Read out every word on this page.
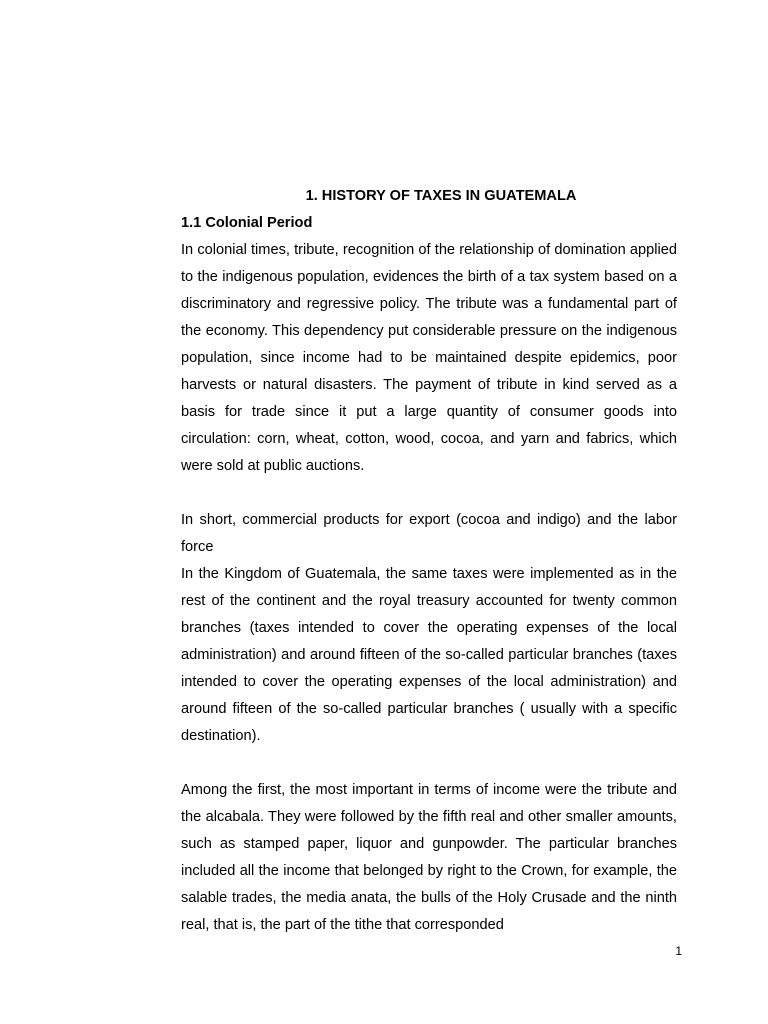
1. HISTORY OF TAXES IN GUATEMALA

1.1 Colonial Period

In colonial times, tribute, recognition of the relationship of domination applied to the indigenous population, evidences the birth of a tax system based on a discriminatory and regressive policy. The tribute was a fundamental part of the economy. This dependency put considerable pressure on the indigenous population, since income had to be maintained despite epidemics, poor harvests or natural disasters. The payment of tribute in kind served as a basis for trade since it put a large quantity of consumer goods into circulation: corn, wheat, cotton, wood, cocoa, and yarn and fabrics, which were sold at public auctions.

In short, commercial products for export (cocoa and indigo) and the labor force

In the Kingdom of Guatemala, the same taxes were implemented as in the rest of the continent and the royal treasury accounted for twenty common branches (taxes intended to cover the operating expenses of the local administration) and around fifteen of the so-called particular branches (taxes intended to cover the operating expenses of the local administration) and around fifteen of the so-called particular branches ( usually with a specific destination).

Among the first, the most important in terms of income were the tribute and the alcabala. They were followed by the fifth real and other smaller amounts, such as stamped paper, liquor and gunpowder. The particular branches included all the income that belonged by right to the Crown, for example, the salable trades, the media anata, the bulls of the Holy Crusade and the ninth real, that is, the part of the tithe that corresponded

1
